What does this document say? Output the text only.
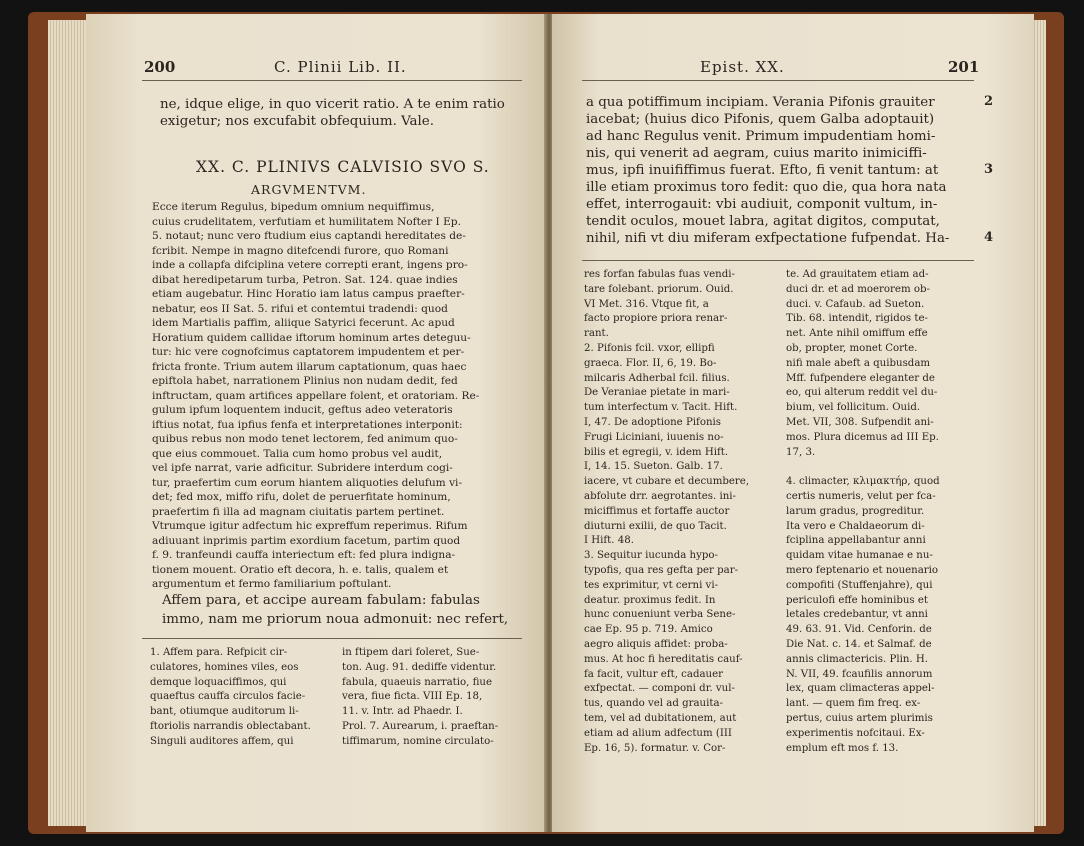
200	C. Plinii Lib. II.
ne, idque elige, in quo vicerit ratio. A te enim ratio
exigetur; nos excufabit obfequium. Vale.
XX. C. PLINIVS CALVISIO SVO S.
ARGVMENTVM.
Ecce iterum Regulus, bipedum omnium nequiffimus,
cuius crudelitatem, verfutiam et humilitatem Nofter I Ep.
5. notaut; nunc vero ftudium eius captandi hereditates de-
fcribit. Nempe in magno ditefcendi furore, quo Romani
inde a collapfa difciplina vetere correpti erant, ingens pro-
dibat heredipetarum turba, Petron. Sat. 124. quae indies
etiam augebatur. Hinc Horatio iam latus campus praefter-
nebatur, eos II Sat. 5. rifui et contemtui tradendi: quod
idem Martialis paffim, aliique Satyrici fecerunt. Ac apud
Horatium quidem callidae iftorum hominum artes deteguu-
tur: hic vere cognofcimus captatorem impudentem et per-
fricta fronte. Trium autem illarum captationum, quas haec
epiftola habet, narrationem Plinius non nudam dedit, fed
inftructam, quam artifices appellare folent, et oratoriam. Re-
gulum ipfum loquentem inducit, geftus adeo veteratoris
iftius notat, fua ipfius fenfa et interpretationes interponit:
quibus rebus non modo tenet lectorem, fed animum quo-
que eius commouet. Talia cum homo probus vel audit,
vel ipfe narrat, varie adficitur. Subridere interdum cogi-
tur, praefertim cum eorum hiantem aliquoties delufum vi-
det; fed mox, miffo rifu, dolet de peruerfitate hominum,
praefertim fi illa ad magnam ciuitatis partem pertinet.
Vtrumque igitur adfectum hic expreffum reperimus. Rifum
adiuuant inprimis partim exordium facetum, partim quod
f. 9. tranfeundi cauffa interiectum eft: fed plura indigna-
tionem mouent. Oratio eft decora, h. e. talis, qualem et
argumentum et fermo familiarium poftulant.
Affem para, et accipe auream fabulam: fabulas
immo, nam me priorum noua admonuit: nec refert,
1. Affem para. Refpicit cir-
culatores, homines viles, eos
demque loquaciffimos, qui
quaeftus cauffa circulos facie-
bant, otiumque auditorum li-
ftoriolis narrandis oblectabant.
Singuli auditores affem, qui
in ftipem dari foleret, Sue-
ton. Aug. 91. dediffe videntur.
fabula, quaeuis narratio, fiue
vera, fiue ficta. VIII Ep. 18,
11. v. Intr. ad Phaedr. I.
Prol. 7. Aurearum, i. praeftan-
tiffimarum, nomine circulato-
Epist. XX.	201
a qua potiffimum incipiam. Verania Pifonis grauiter
iacebat; (huius dico Pifonis, quem Galba adoptauit)
ad hanc Regulus venit. Primum impudentiam homi-
nis, qui venerit ad aegram, cuius marito inimiciffi-
mus, ipfi inuififfimus fuerat. Efto, fi venit tantum: at
ille etiam proximus toro fedit: quo die, qua hora nata
effet, interrogauit: vbi audiuit, componit vultum, in-
tendit oculos, mouet labra, agitat digitos, computat,
nihil, nifi vt diu miferam exfpectatione fufpendat. Ha-
2
3
4
res forfan fabulas fuas vendi-
tare folebant. priorum. Ouid.
VI Met. 316. Vtque fit, a
facto propiore priora renar-
rant.
2. Pifonis fcil. vxor, ellipfi
graeca. Flor. II, 6, 19. Bo-
milcaris Adherbal fcil. filius.
De Veraniae pietate in mari-
tum interfectum v. Tacit. Hift.
I, 47. De adoptione Pifonis
Frugi Liciniani, iuuenis no-
bilis et egregii, v. idem Hift.
I, 14. 15. Sueton. Galb. 17.
iacere, vt cubare et decumbere,
abfolute drr. aegrotantes. ini-
miciffimus et fortaffe auctor
diuturni exilii, de quo Tacit.
I Hift. 48.
3. Sequitur iucunda hypo-
typofis, qua res gefta per par-
tes exprimitur, vt cerni vi-
deatur. proximus fedit. In
hunc conueniunt verba Sene-
cae Ep. 95 p. 719. Amico
aegro aliquis affidet: proba-
mus. At hoc fi hereditatis cauf-
fa facit, vultur eft, cadauer
exfpectat. — componi dr. vul-
tus, quando vel ad grauita-
tem, vel ad dubitationem, aut
etiam ad alium adfectum (III
Ep. 16, 5). formatur. v. Cor-
te. Ad grauitatem etiam ad-
duci dr. et ad moerorem ob-
duci. v. Cafaub. ad Sueton.
Tib. 68. intendit, rigidos te-
net. Ante nihil omiffum effe
ob, propter, monet Corte.
nifi male abeft a quibusdam
Mff. fufpendere eleganter de
eo, qui alterum reddit vel du-
bium, vel follicitum. Ouid.
Met. VII, 308. Sufpendit ani-
mos. Plura dicemus ad III Ep.
17, 3.
4. climacter, κλιμακτήρ, quod
certis numeris, velut per fca-
larum gradus, progreditur.
Ita vero e Chaldaeorum di-
fciplina appellabantur anni
quidam vitae humanae e nu-
mero feptenario et nouenario
compofiti (Stuffenjahre), qui
periculofi effe hominibus et
letales credebantur, vt anni
49. 63. 91. Vid. Cenforin. de
Die Nat. c. 14. et Salmaf. de
annis climactericis. Plin. H.
N. VII, 49. fcaufilis annorum
lex, quam climacteras appel-
lant. — quem fim freq. ex-
pertus, cuius artem plurimis
experimentis nofcitaui. Ex-
emplum eft mos f. 13.
